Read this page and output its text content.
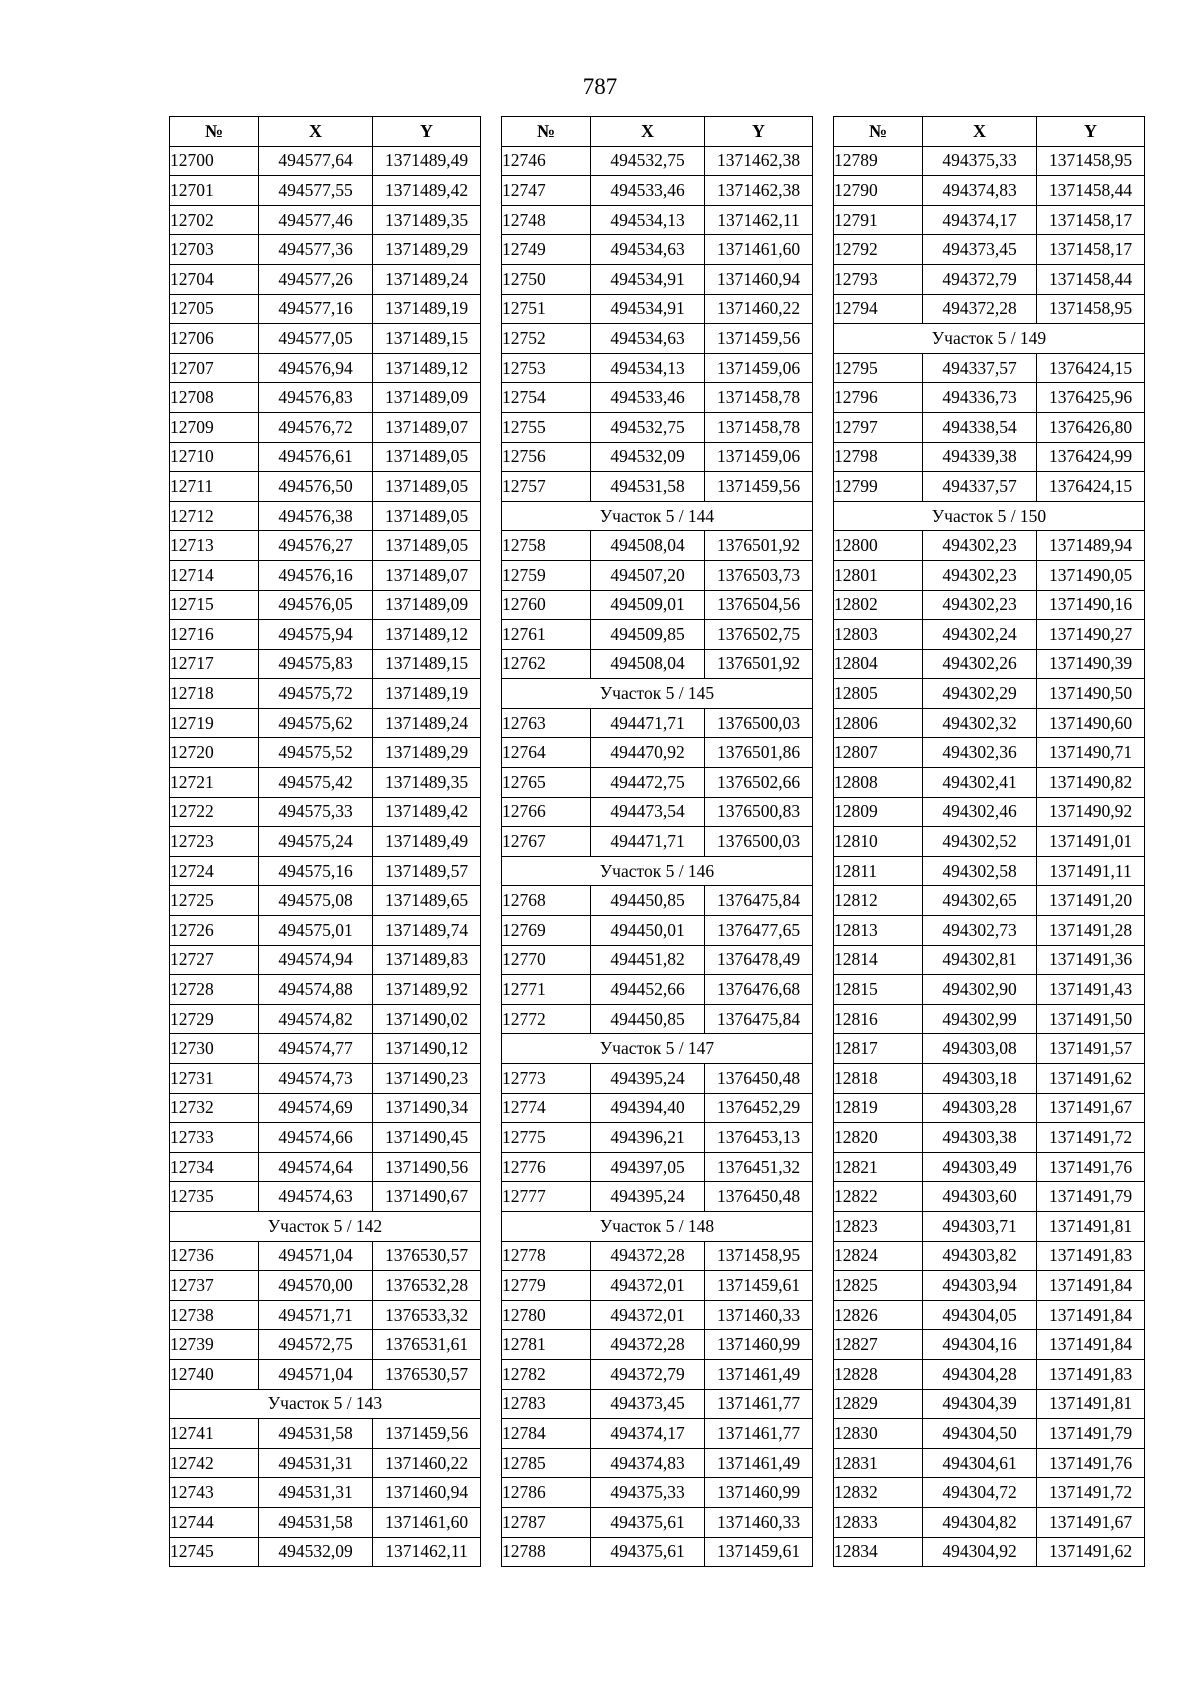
787
№	X	Y
12700	494577,64	1371489,49
12701	494577,55	1371489,42
12702	494577,46	1371489,35
12703	494577,36	1371489,29
12704	494577,26	1371489,24
12705	494577,16	1371489,19
12706	494577,05	1371489,15
12707	494576,94	1371489,12
12708	494576,83	1371489,09
12709	494576,72	1371489,07
12710	494576,61	1371489,05
12711	494576,50	1371489,05
12712	494576,38	1371489,05
12713	494576,27	1371489,05
12714	494576,16	1371489,07
12715	494576,05	1371489,09
12716	494575,94	1371489,12
12717	494575,83	1371489,15
12718	494575,72	1371489,19
12719	494575,62	1371489,24
12720	494575,52	1371489,29
12721	494575,42	1371489,35
12722	494575,33	1371489,42
12723	494575,24	1371489,49
12724	494575,16	1371489,57
12725	494575,08	1371489,65
12726	494575,01	1371489,74
12727	494574,94	1371489,83
12728	494574,88	1371489,92
12729	494574,82	1371490,02
12730	494574,77	1371490,12
12731	494574,73	1371490,23
12732	494574,69	1371490,34
12733	494574,66	1371490,45
12734	494574,64	1371490,56
12735	494574,63	1371490,67
Участок 5 / 142		
12736	494571,04	1376530,57
12737	494570,00	1376532,28
12738	494571,71	1376533,32
12739	494572,75	1376531,61
12740	494571,04	1376530,57
Участок 5 / 143		
12741	494531,58	1371459,56
12742	494531,31	1371460,22
12743	494531,31	1371460,94
12744	494531,58	1371461,60
12745	494532,09	1371462,11
№	X	Y
12746	494532,75	1371462,38
12747	494533,46	1371462,38
12748	494534,13	1371462,11
12749	494534,63	1371461,60
12750	494534,91	1371460,94
12751	494534,91	1371460,22
12752	494534,63	1371459,56
12753	494534,13	1371459,06
12754	494533,46	1371458,78
12755	494532,75	1371458,78
12756	494532,09	1371459,06
12757	494531,58	1371459,56
Участок 5 / 144		
12758	494508,04	1376501,92
12759	494507,20	1376503,73
12760	494509,01	1376504,56
12761	494509,85	1376502,75
12762	494508,04	1376501,92
Участок 5 / 145		
12763	494471,71	1376500,03
12764	494470,92	1376501,86
12765	494472,75	1376502,66
12766	494473,54	1376500,83
12767	494471,71	1376500,03
Участок 5 / 146		
12768	494450,85	1376475,84
12769	494450,01	1376477,65
12770	494451,82	1376478,49
12771	494452,66	1376476,68
12772	494450,85	1376475,84
Участок 5 / 147		
12773	494395,24	1376450,48
12774	494394,40	1376452,29
12775	494396,21	1376453,13
12776	494397,05	1376451,32
12777	494395,24	1376450,48
Участок 5 / 148		
12778	494372,28	1371458,95
12779	494372,01	1371459,61
12780	494372,01	1371460,33
12781	494372,28	1371460,99
12782	494372,79	1371461,49
12783	494373,45	1371461,77
12784	494374,17	1371461,77
12785	494374,83	1371461,49
12786	494375,33	1371460,99
12787	494375,61	1371460,33
12788	494375,61	1371459,61
№	X	Y
12789	494375,33	1371458,95
12790	494374,83	1371458,44
12791	494374,17	1371458,17
12792	494373,45	1371458,17
12793	494372,79	1371458,44
12794	494372,28	1371458,95
Участок 5 / 149		
12795	494337,57	1376424,15
12796	494336,73	1376425,96
12797	494338,54	1376426,80
12798	494339,38	1376424,99
12799	494337,57	1376424,15
Участок 5 / 150		
12800	494302,23	1371489,94
12801	494302,23	1371490,05
12802	494302,23	1371490,16
12803	494302,24	1371490,27
12804	494302,26	1371490,39
12805	494302,29	1371490,50
12806	494302,32	1371490,60
12807	494302,36	1371490,71
12808	494302,41	1371490,82
12809	494302,46	1371490,92
12810	494302,52	1371491,01
12811	494302,58	1371491,11
12812	494302,65	1371491,20
12813	494302,73	1371491,28
12814	494302,81	1371491,36
12815	494302,90	1371491,43
12816	494302,99	1371491,50
12817	494303,08	1371491,57
12818	494303,18	1371491,62
12819	494303,28	1371491,67
12820	494303,38	1371491,72
12821	494303,49	1371491,76
12822	494303,60	1371491,79
12823	494303,71	1371491,81
12824	494303,82	1371491,83
12825	494303,94	1371491,84
12826	494304,05	1371491,84
12827	494304,16	1371491,84
12828	494304,28	1371491,83
12829	494304,39	1371491,81
12830	494304,50	1371491,79
12831	494304,61	1371491,76
12832	494304,72	1371491,72
12833	494304,82	1371491,67
12834	494304,92	1371491,62
